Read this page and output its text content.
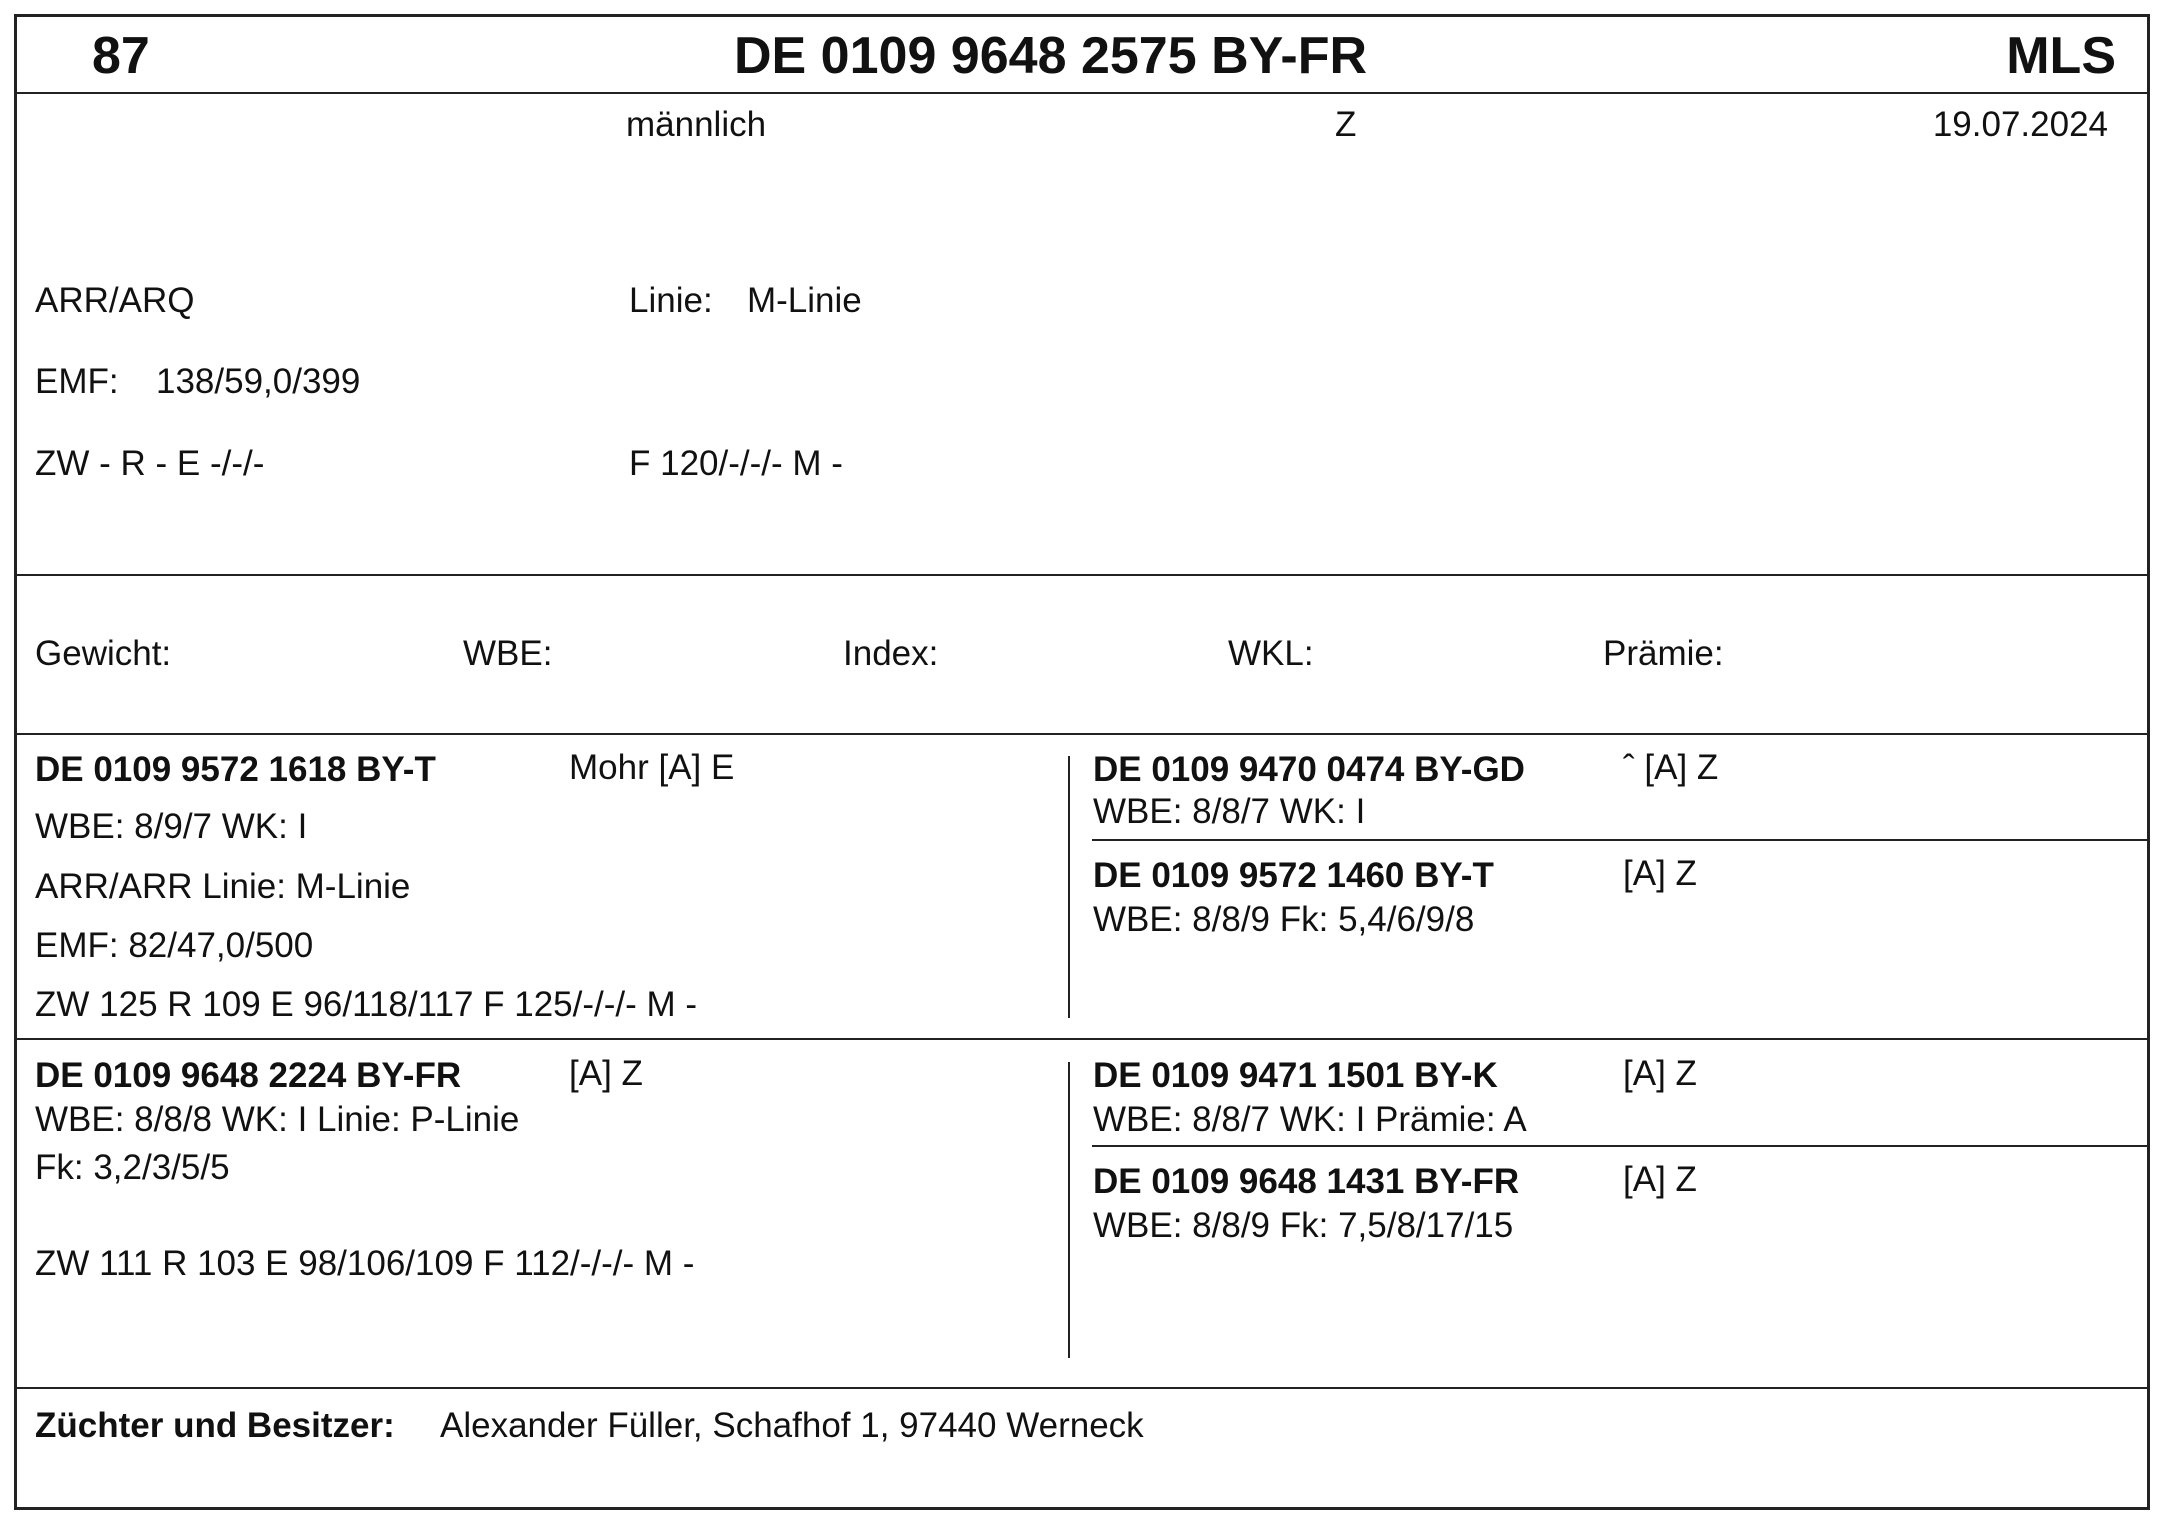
87	DE 0109 9648 2575 BY-FR	MLS
männlich	Z	19.07.2024
ARR/ARQ	Linie: M-Linie
EMF: 138/59,0/399
ZW - R - E -/-/-	F 120/-/-/- M -
Gewicht:	WBE:	Index:	WKL:	Prämie:
DE 0109 9572 1618 BY-T	Mohr [A] E
WBE: 8/9/7 WK: I
ARR/ARR Linie: M-Linie
EMF: 82/47,0/500
ZW 125 R 109 E 96/118/117 F 125/-/-/- M -
DE 0109 9470 0474 BY-GD	ˆ [A] Z
WBE: 8/8/7 WK: I
DE 0109 9572 1460 BY-T	[A] Z
WBE: 8/8/9 Fk: 5,4/6/9/8
DE 0109 9648 2224 BY-FR	[A] Z
WBE: 8/8/8 WK: I Linie: P-Linie
Fk: 3,2/3/5/5
ZW 111 R 103 E 98/106/109 F 112/-/-/- M -
DE 0109 9471 1501 BY-K	[A] Z
WBE: 8/8/7 WK: I Prämie: A
DE 0109 9648 1431 BY-FR	[A] Z
WBE: 8/8/9 Fk: 7,5/8/17/15
Züchter und Besitzer: Alexander Füller, Schafhof 1, 97440 Werneck
